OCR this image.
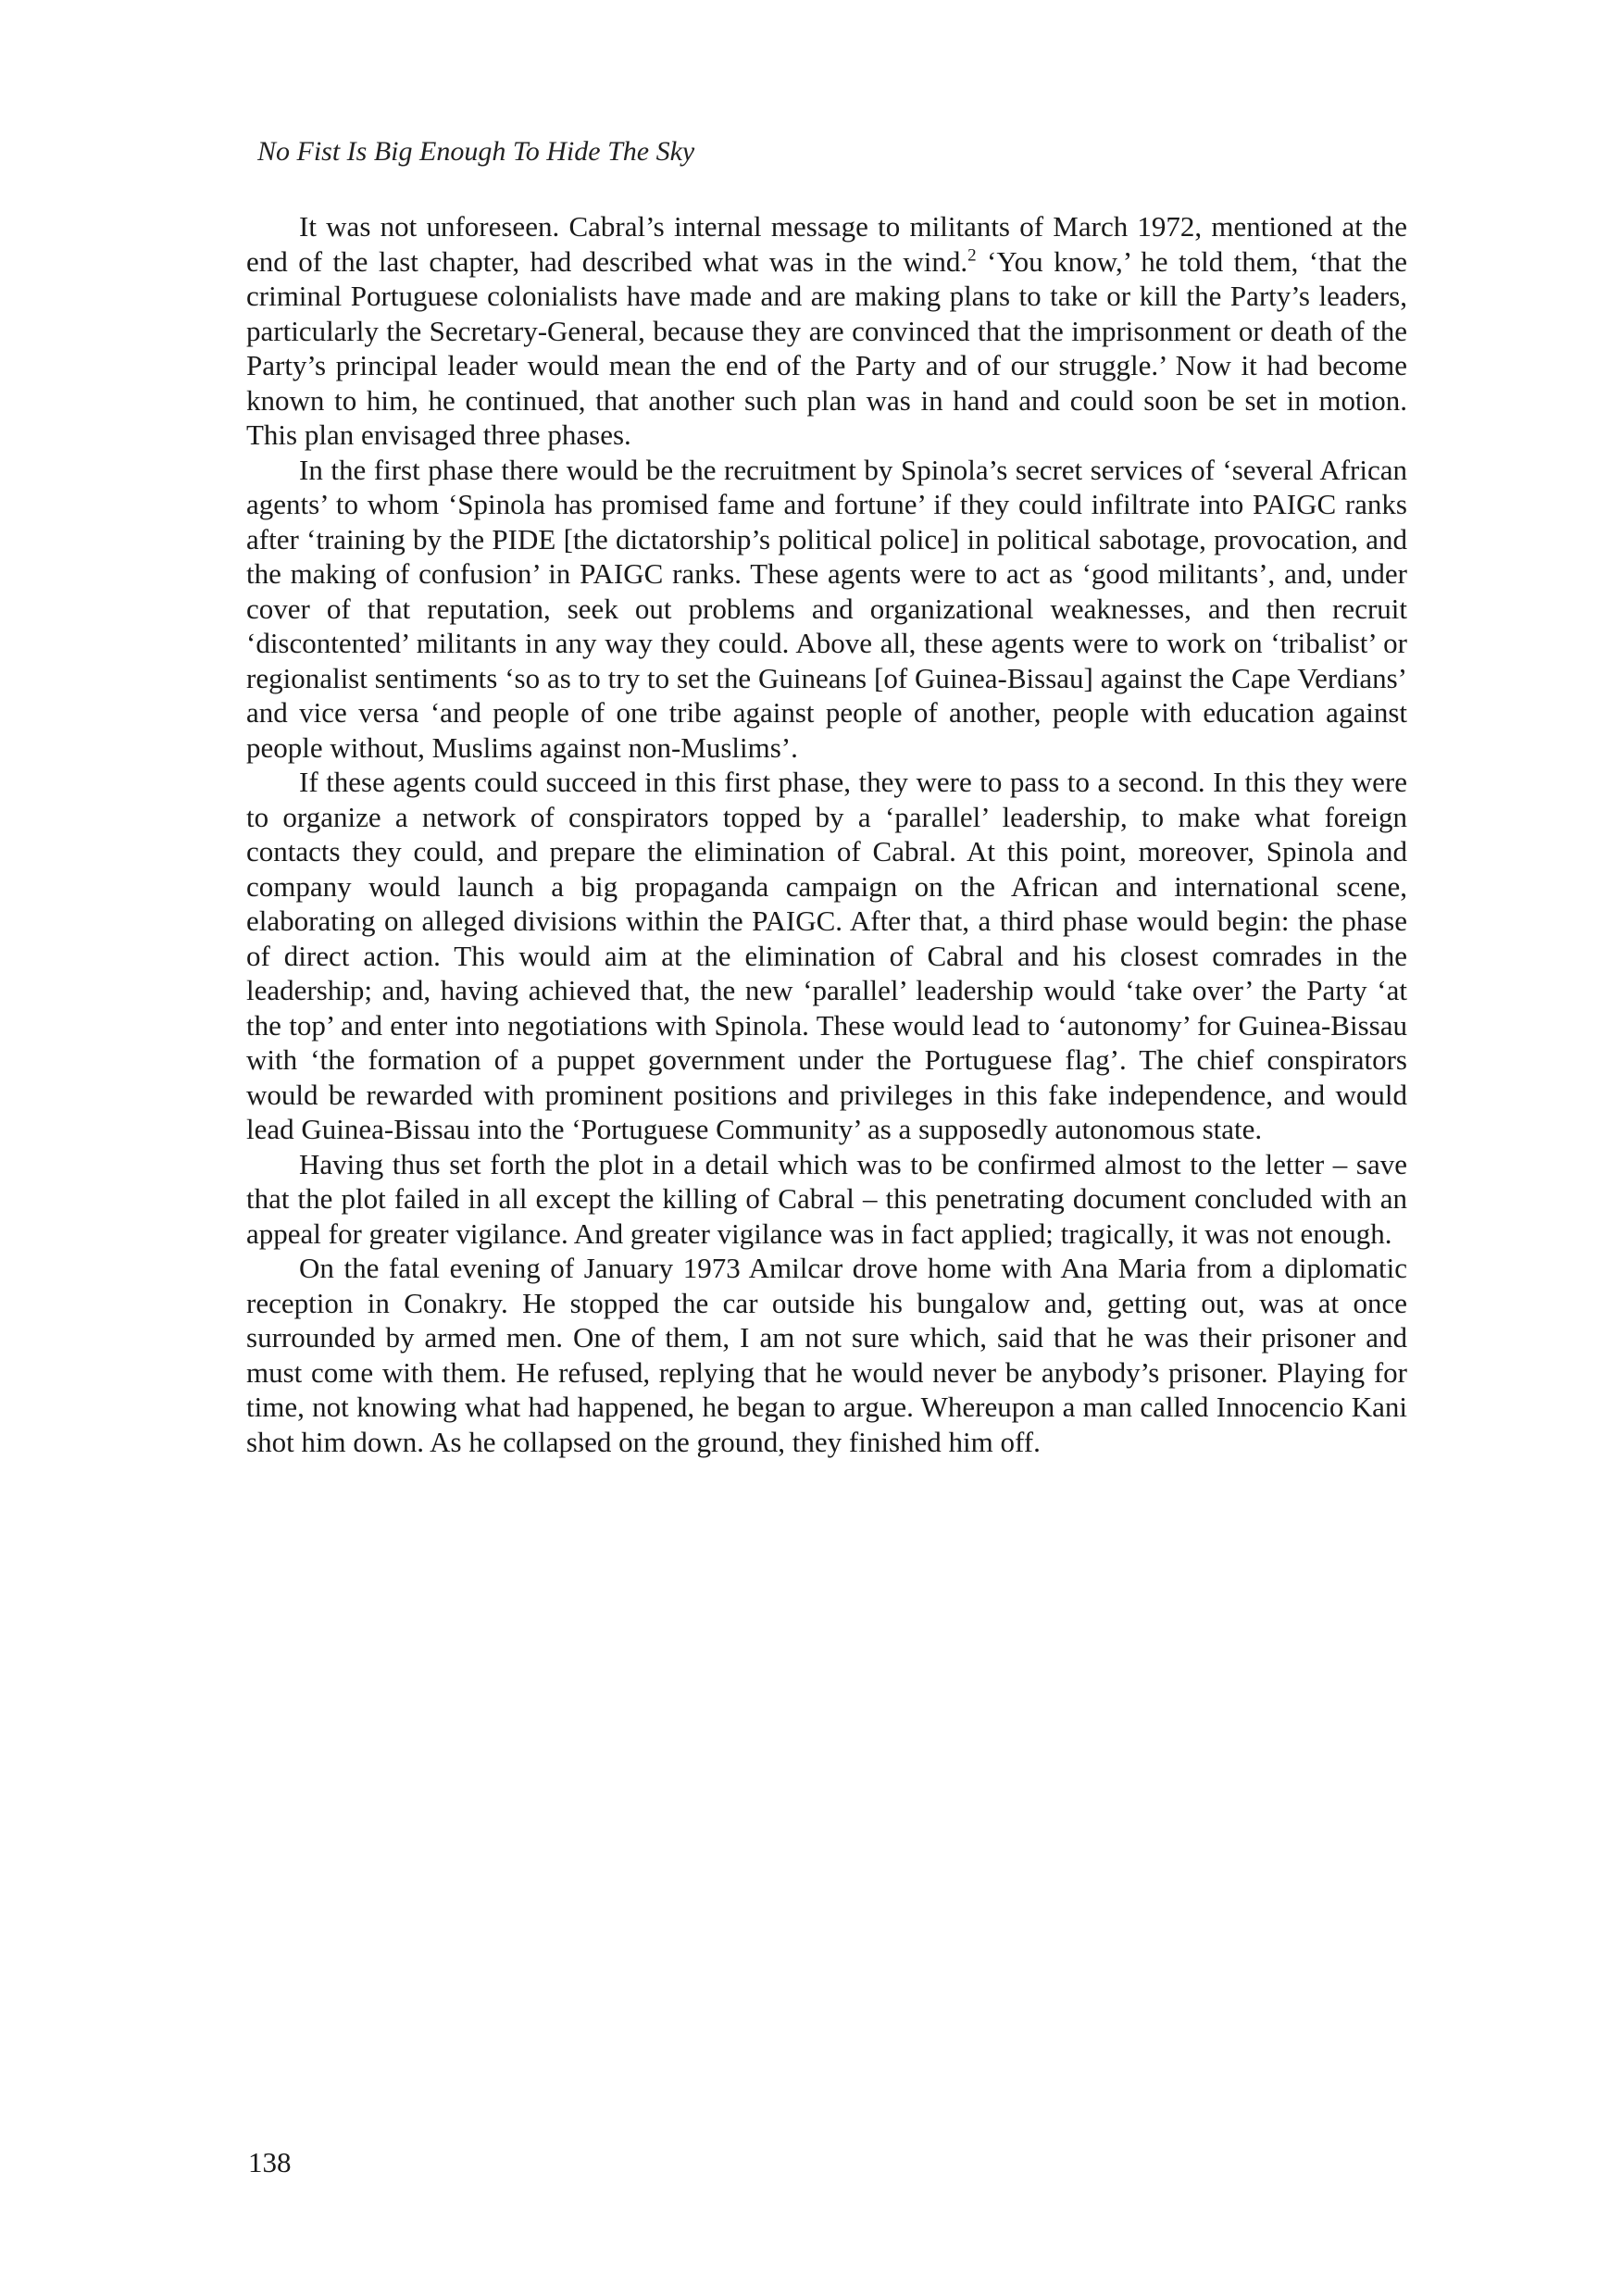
No Fist Is Big Enough To Hide The Sky

It was not unforeseen. Cabral’s internal message to militants of March 1972, mentioned at the end of the last chapter, had described what was in the wind.$^2$ ‘You know,’ he told them, ‘that the criminal Portuguese colonialists have made and are making plans to take or kill the Party’s leaders, particularly the Secretary-General, because they are convinced that the imprisonment or death of the Party’s principal leader would mean the end of the Party and of our struggle.’ Now it had become known to him, he continued, that another such plan was in hand and could soon be set in motion. This plan envisaged three phases.

In the first phase there would be the recruitment by Spinola’s secret services of ‘several African agents’ to whom ‘Spinola has promised fame and fortune’ if they could infiltrate into PAIGC ranks after ‘training by the PIDE [the dictatorship’s political police] in political sabotage, provocation, and the making of confusion’ in PAIGC ranks. These agents were to act as ‘good militants’, and, under cover of that reputation, seek out problems and organizational weaknesses, and then recruit ‘discontented’ militants in any way they could. Above all, these agents were to work on ‘tribalist’ or regionalist sentiments ‘so as to try to set the Guineans [of Guinea-Bissau] against the Cape Verdians’ and vice versa ‘and people of one tribe against people of another, people with education against people without, Muslims against non-Muslims’.

If these agents could succeed in this first phase, they were to pass to a second. In this they were to organize a network of conspirators topped by a ‘parallel’ leadership, to make what foreign contacts they could, and prepare the elimination of Cabral. At this point, moreover, Spinola and company would launch a big propaganda campaign on the African and international scene, elaborating on alleged divisions within the PAIGC. After that, a third phase would begin: the phase of direct action. This would aim at the elimination of Cabral and his closest comrades in the leadership; and, having achieved that, the new ‘parallel’ leadership would ‘take over’ the Party ‘at the top’ and enter into negotiations with Spinola. These would lead to ‘autonomy’ for Guinea-Bissau with ‘the formation of a puppet government under the Portuguese flag’. The chief conspirators would be rewarded with prominent positions and privileges in this fake independence, and would lead Guinea-Bissau into the ‘Portuguese Community’ as a supposedly autonomous state.

Having thus set forth the plot in a detail which was to be confirmed almost to the letter – save that the plot failed in all except the killing of Cabral – this penetrating document concluded with an appeal for greater vigilance. And greater vigilance was in fact applied; tragically, it was not enough.

On the fatal evening of January 1973 Amilcar drove home with Ana Maria from a diplomatic reception in Conakry. He stopped the car outside his bungalow and, getting out, was at once surrounded by armed men. One of them, I am not sure which, said that he was their prisoner and must come with them. He refused, replying that he would never be anybody’s prisoner. Playing for time, not knowing what had happened, he began to argue. Whereupon a man called Innocencio Kani shot him down. As he collapsed on the ground, they finished him off.

138
